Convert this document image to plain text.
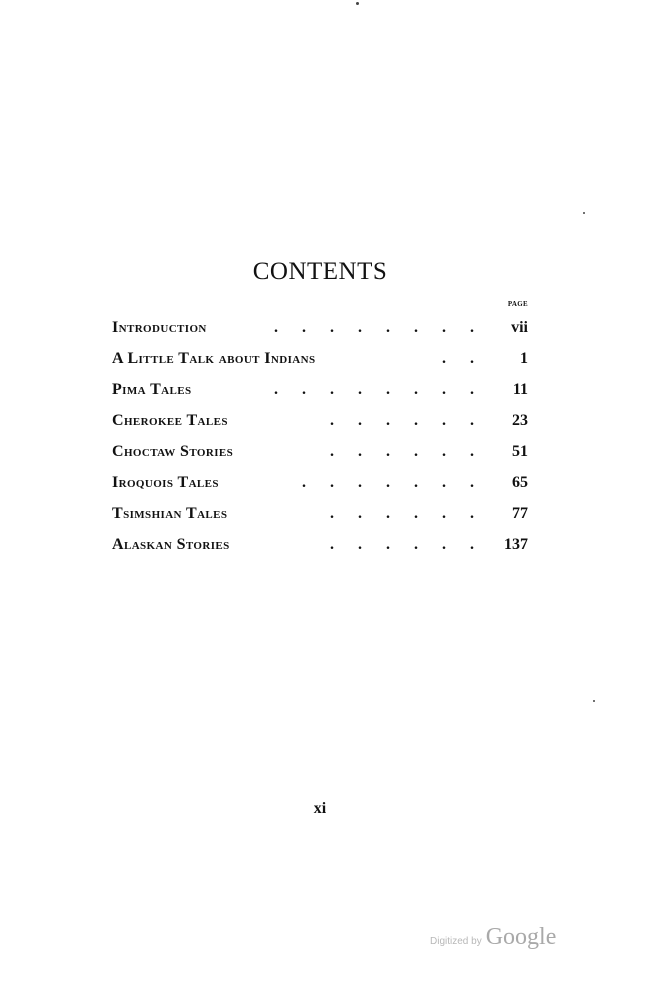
CONTENTS
PAGE
Introduction	.	.	.	.	.	.	.	.	vii
A Little Talk about Indians	.	.	1
Pima Tales	.	.	.	.	.	.	.	.	11
Cherokee Tales	.	.	.	.	.	.	23
Choctaw Stories	.	.	.	.	.	.	51
Iroquois Tales	.	.	.	.	.	.	.	65
Tsimshian Tales	.	.	.	.	.	.	77
Alaskan Stories	.	.	.	.	.	.	137
xi
Digitized by Google
